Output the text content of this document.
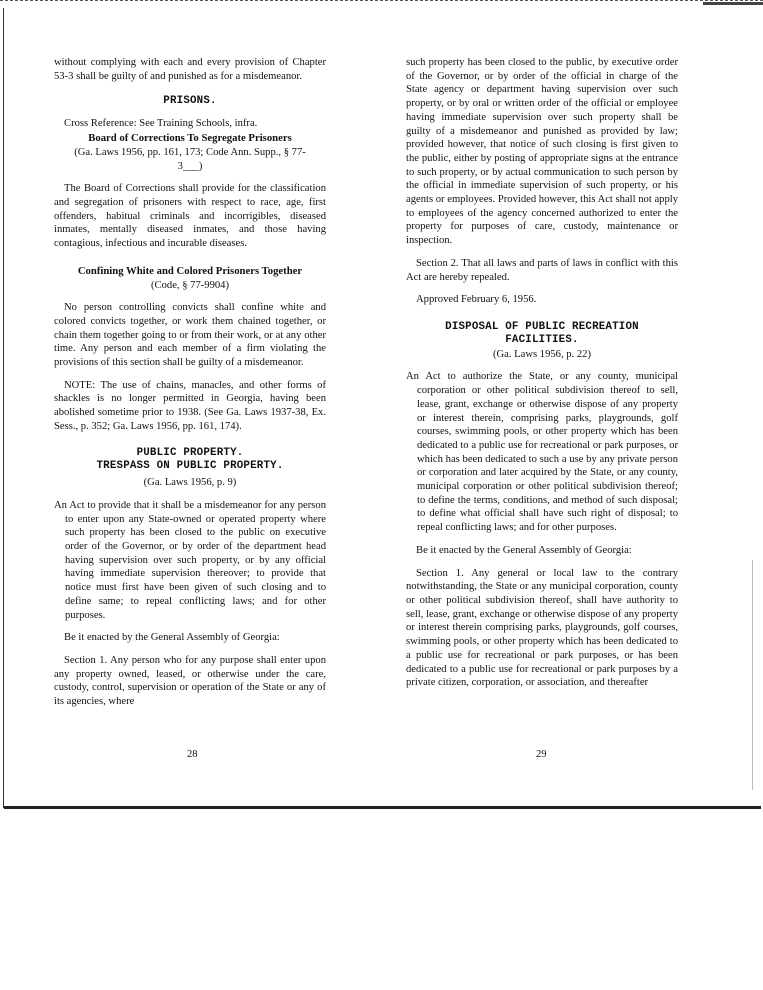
without complying with each and every provision of Chapter 53-3 shall be guilty of and punished as for a misdemeanor.

PRISONS.

Cross Reference: See Training Schools, infra.

Board of Corrections To Segregate Prisoners
(Ga. Laws 1956, pp. 161, 173; Code Ann. Supp., § 77-3___)

The Board of Corrections shall provide for the classification and segregation of prisoners with respect to race, age, first offenders, habitual criminals and incorrigibles, diseased inmates, mentally diseased inmates, and those having contagious, infectious and incurable diseases.

Confining White and Colored Prisoners Together
(Code, § 77-9904)

No person controlling convicts shall confine white and colored convicts together, or work them chained together, or chain them together going to or from their work, or at any other time. Any person and each member of a firm violating the provisions of this section shall be guilty of a misdemeanor.

NOTE: The use of chains, manacles, and other forms of shackles is no longer permitted in Georgia, having been abolished sometime prior to 1938. (See Ga. Laws 1937-38, Ex. Sess., p. 352; Ga. Laws 1956, pp. 161, 174).

PUBLIC PROPERTY.
TRESPASS ON PUBLIC PROPERTY.
(Ga. Laws 1956, p. 9)

An Act to provide that it shall be a misdemeanor for any person to enter upon any State-owned or operated property where such property has been closed to the public on executive order of the Governor, or by order of the department head having supervision over such property, or by any official having immediate supervision thereover; to provide that notice must first have been given of such closing and to define same; to repeal conflicting laws; and for other purposes.

Be it enacted by the General Assembly of Georgia:

Section 1. Any person who for any purpose shall enter upon any property owned, leased, or otherwise under the care, custody, control, supervision or operation of the State or any of its agencies, where

such property has been closed to the public, by executive order of the Governor, or by order of the official in charge of the State agency or department having supervision over such property, or by oral or written order of the official or employee having immediate supervision over such property shall be guilty of a misdemeanor and punished as provided by law; provided however, that notice of such closing is first given to the public, either by posting of appropriate signs at the entrance to such property, or by actual communication to such person by the official in immediate supervision of such property, or his agents or employees. Provided however, this Act shall not apply to employees of the agency concerned authorized to enter the property for purposes of care, custody, maintenance or inspection.

Section 2. That all laws and parts of laws in conflict with this Act are hereby repealed.

Approved February 6, 1956.

DISPOSAL OF PUBLIC RECREATION FACILITIES.
(Ga. Laws 1956, p. 22)

An Act to authorize the State, or any county, municipal corporation or other political subdivision thereof to sell, lease, grant, exchange or otherwise dispose of any property or interest therein, comprising parks, playgrounds, golf courses, swimming pools, or other property which has been dedicated to a public use for recreational or park purposes, or which has been dedicated to such a use by any private person or corporation and later acquired by the State, or any county, municipal corporation or other political subdivision thereof; to define the terms, conditions, and method of such disposal; to define what official shall have such right of disposal; to repeal conflicting laws; and for other purposes.

Be it enacted by the General Assembly of Georgia:

Section 1. Any general or local law to the contrary notwithstanding, the State or any municipal corporation, county or other political subdivision thereof, shall have authority to sell, lease, grant, exchange or otherwise dispose of any property or interest therein comprising parks, playgrounds, golf courses, swimming pools, or other property which has been dedicated to a public use for recreational or park purposes, or has been dedicated to a public use for recreational or park purposes by a private citizen, corporation, or association, and thereafter

28	29
